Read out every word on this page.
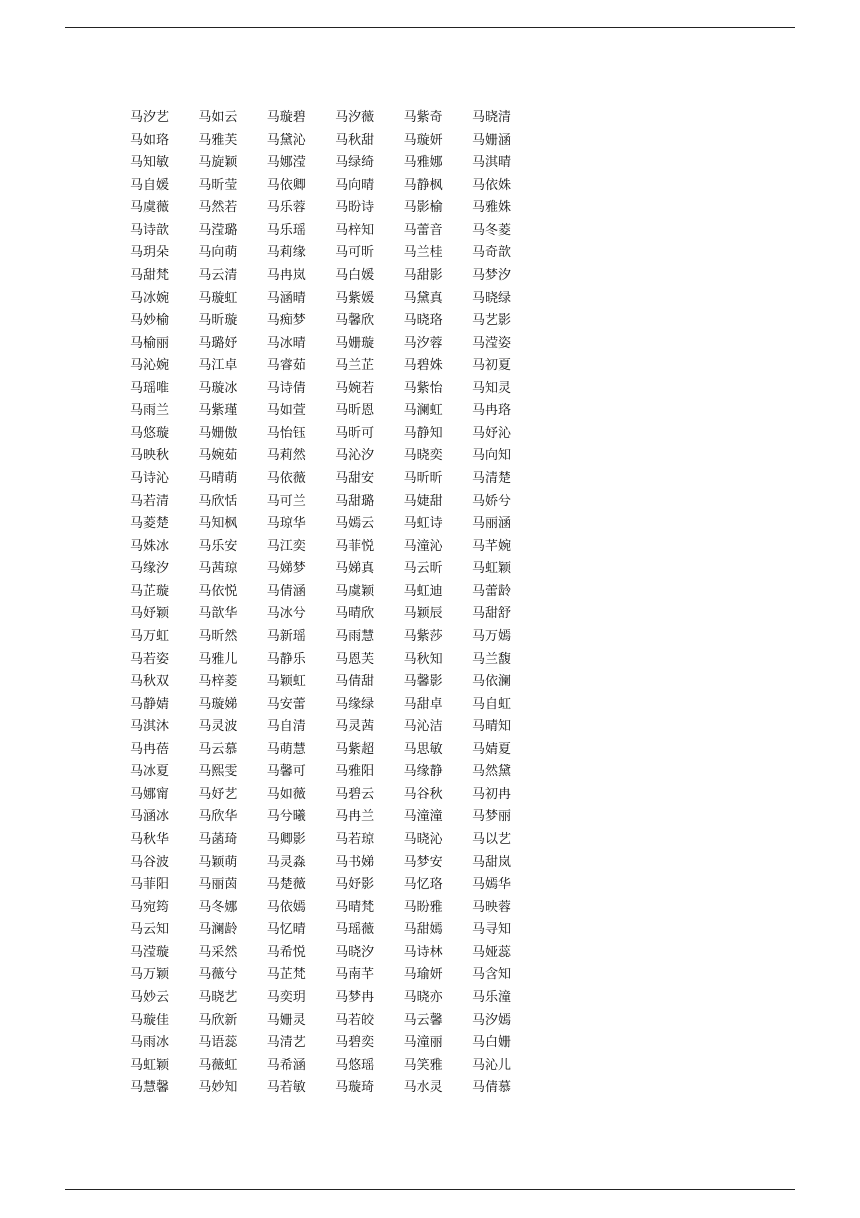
马汐艺	马如云	马璇碧	马汐薇	马紫奇	马晓清
马如珞	马雅芙	马黛沁	马秋甜	马璇妍	马姗涵
马知敏	马旋颖	马娜滢	马绿绮	马雅娜	马淇晴
马自媛	马昕莹	马依卿	马向晴	马静枫	马依姝
马虞薇	马然若	马乐蓉	马盼诗	马影榆	马雅姝
马诗歆	马滢璐	马乐瑶	马梓知	马蕾音	马冬菱
马玥朵	马向萌	马莉缘	马可昕	马兰桂	马奇歆
马甜梵	马云清	马冉岚	马白媛	马甜影	马梦汐
马冰婉	马璇虹	马涵晴	马紫媛	马黛真	马晓绿
马妙榆	马昕璇	马痴梦	马馨欣	马晓珞	马艺影
马榆丽	马璐妤	马冰晴	马姗璇	马汐蓉	马滢姿
马沁婉	马江卓	马睿茹	马兰芷	马碧姝	马初夏
马瑶唯	马璇冰	马诗倩	马婉若	马紫怡	马知灵
马雨兰	马紫瑾	马如萱	马昕恩	马澜虹	马冉珞
马悠璇	马姗傲	马怡钰	马昕可	马静知	马妤沁
马映秋	马婉茹	马莉然	马沁汐	马晓奕	马向知
马诗沁	马晴萌	马依薇	马甜安	马昕昕	马清楚
马若清	马欣恬	马可兰	马甜璐	马婕甜	马娇兮
马菱楚	马知枫	马琼华	马嫣云	马虹诗	马丽涵
马姝冰	马乐安	马江奕	马菲悦	马潼沁	马芊婉
马缘汐	马茜琼	马娣梦	马娣真	马云昕	马虹颖
马芷璇	马依悦	马倩涵	马虞颖	马虹迪	马蕾龄
马妤颖	马歆华	马冰兮	马晴欣	马颖辰	马甜舒
马万虹	马昕然	马新瑶	马雨慧	马紫莎	马万嫣
马若姿	马雅儿	马静乐	马恩芙	马秋知	马兰馥
马秋双	马梓菱	马颖虹	马倩甜	马馨影	马依澜
马静婧	马璇娣	马安蕾	马缘绿	马甜卓	马自虹
马淇沐	马灵波	马自清	马灵茜	马沁洁	马晴知
马冉蓓	马云慕	马萌慧	马紫超	马思敏	马婧夏
马冰夏	马熙雯	马馨可	马雅阳	马缘静	马然黛
马娜甯	马妤艺	马如薇	马碧云	马谷秋	马初冉
马涵冰	马欣华	马兮曦	马冉兰	马潼潼	马梦丽
马秋华	马菡琦	马卿影	马若琼	马晓沁	马以艺
马谷波	马颖萌	马灵淼	马书娣	马梦安	马甜岚
马菲阳	马丽茵	马楚薇	马妤影	马忆珞	马嫣华
马宛筠	马冬娜	马依嫣	马晴梵	马盼雅	马映蓉
马云知	马澜龄	马忆晴	马瑶薇	马甜嫣	马寻知
马滢璇	马采然	马希悦	马晓汐	马诗林	马娅蕊
马万颖	马薇兮	马芷梵	马南芊	马瑜妍	马含知
马妙云	马晓艺	马奕玥	马梦冉	马晓亦	马乐潼
马璇佳	马欣新	马姗灵	马若皎	马云馨	马汐嫣
马雨冰	马语蕊	马清艺	马碧奕	马潼丽	马白姗
马虹颖	马薇虹	马希涵	马悠瑶	马笑雅	马沁儿
马慧馨	马妙知	马若敏	马璇琦	马水灵	马倩慕
